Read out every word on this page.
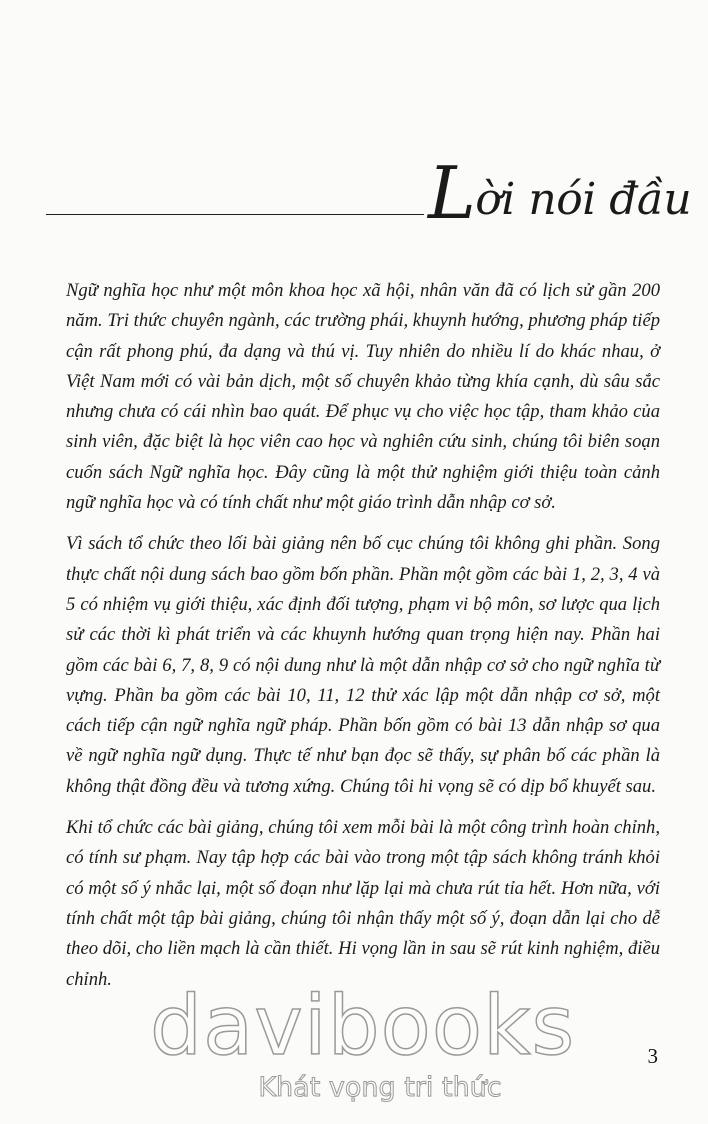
Lời nói đầu

Ngữ nghĩa học như một môn khoa học xã hội, nhân văn đã có lịch sử gần 200 năm. Tri thức chuyên ngành, các trường phái, khuynh hướng, phương pháp tiếp cận rất phong phú, đa dạng và thú vị. Tuy nhiên do nhiều lí do khác nhau, ở Việt Nam mới có vài bản dịch, một số chuyên khảo từng khía cạnh, dù sâu sắc nhưng chưa có cái nhìn bao quát. Để phục vụ cho việc học tập, tham khảo của sinh viên, đặc biệt là học viên cao học và nghiên cứu sinh, chúng tôi biên soạn cuốn sách Ngữ nghĩa học. Đây cũng là một thử nghiệm giới thiệu toàn cảnh ngữ nghĩa học và có tính chất như một giáo trình dẫn nhập cơ sở.

Vì sách tổ chức theo lối bài giảng nên bố cục chúng tôi không ghi phần. Song thực chất nội dung sách bao gồm bốn phần. Phần một gồm các bài 1, 2, 3, 4 và 5 có nhiệm vụ giới thiệu, xác định đối tượng, phạm vi bộ môn, sơ lược qua lịch sử các thời kì phát triển và các khuynh hướng quan trọng hiện nay. Phần hai gồm các bài 6, 7, 8, 9 có nội dung như là một dẫn nhập cơ sở cho ngữ nghĩa từ vựng. Phần ba gồm các bài 10, 11, 12 thử xác lập một dẫn nhập cơ sở, một cách tiếp cận ngữ nghĩa ngữ pháp. Phần bốn gồm có bài 13 dẫn nhập sơ qua về ngữ nghĩa ngữ dụng. Thực tế như bạn đọc sẽ thấy, sự phân bố các phần là không thật đồng đều và tương xứng. Chúng tôi hi vọng sẽ có dịp bổ khuyết sau.

Khi tổ chức các bài giảng, chúng tôi xem mỗi bài là một công trình hoàn chỉnh, có tính sư phạm. Nay tập hợp các bài vào trong một tập sách không tránh khỏi có một số ý nhắc lại, một số đoạn như lặp lại mà chưa rút tỉa hết. Hơn nữa, với tính chất một tập bài giảng, chúng tôi nhận thấy một số ý, đoạn dẫn lại cho dễ theo dõi, cho liền mạch là cần thiết. Hi vọng lần in sau sẽ rút kinh nghiệm, điều chỉnh. davibooks
Khát vọng tri thức
3
